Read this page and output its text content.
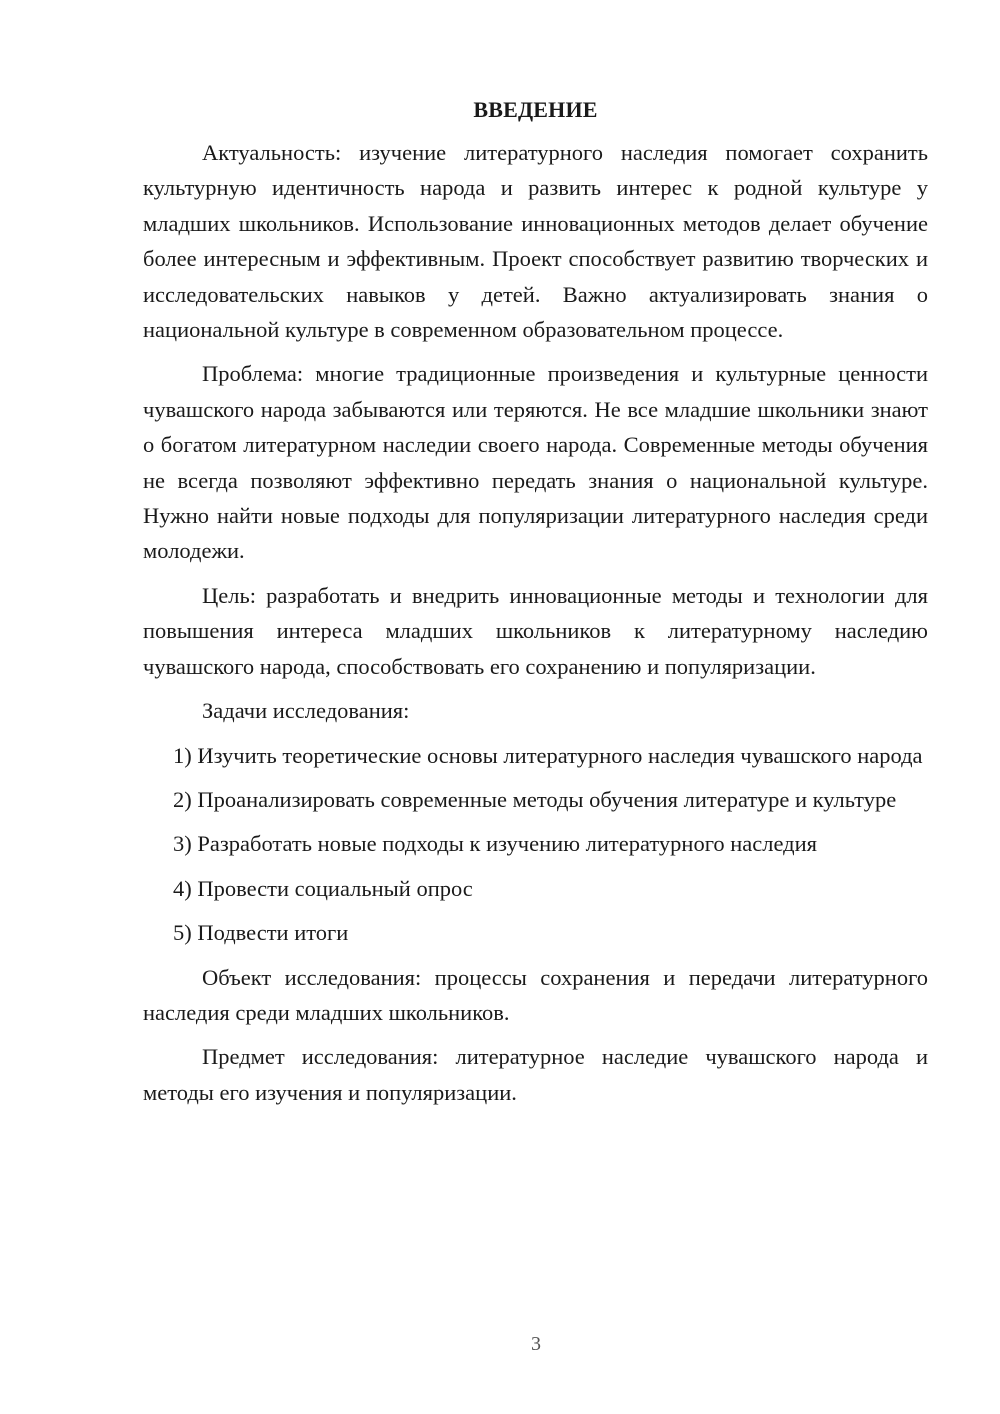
ВВЕДЕНИЕ

Актуальность: изучение литературного наследия помогает сохранить культурную идентичность народа и развить интерес к родной культуре у младших школьников. Использование инновационных методов делает обучение более интересным и эффективным. Проект способствует развитию творческих и исследовательских навыков у детей. Важно актуализировать знания о национальной культуре в современном образовательном процессе.

Проблема: многие традиционные произведения и культурные ценности чувашского народа забываются или теряются. Не все младшие школьники знают о богатом литературном наследии своего народа. Современные методы обучения не всегда позволяют эффективно передать знания о национальной культуре. Нужно найти новые подходы для популяризации литературного наследия среди молодежи.

Цель: разработать и внедрить инновационные методы и технологии для повышения интереса младших школьников к литературному наследию чувашского народа, способствовать его сохранению и популяризации.

Задачи исследования:

1) Изучить теоретические основы литературного наследия чувашского народа

2) Проанализировать современные методы обучения литературе и культуре

3) Разработать новые подходы к изучению литературного наследия

4) Провести социальный опрос

5) Подвести итоги

Объект исследования: процессы сохранения и передачи литературного наследия среди младших школьников.

Предмет исследования: литературное наследие чувашского народа и методы его изучения и популяризации.

3
